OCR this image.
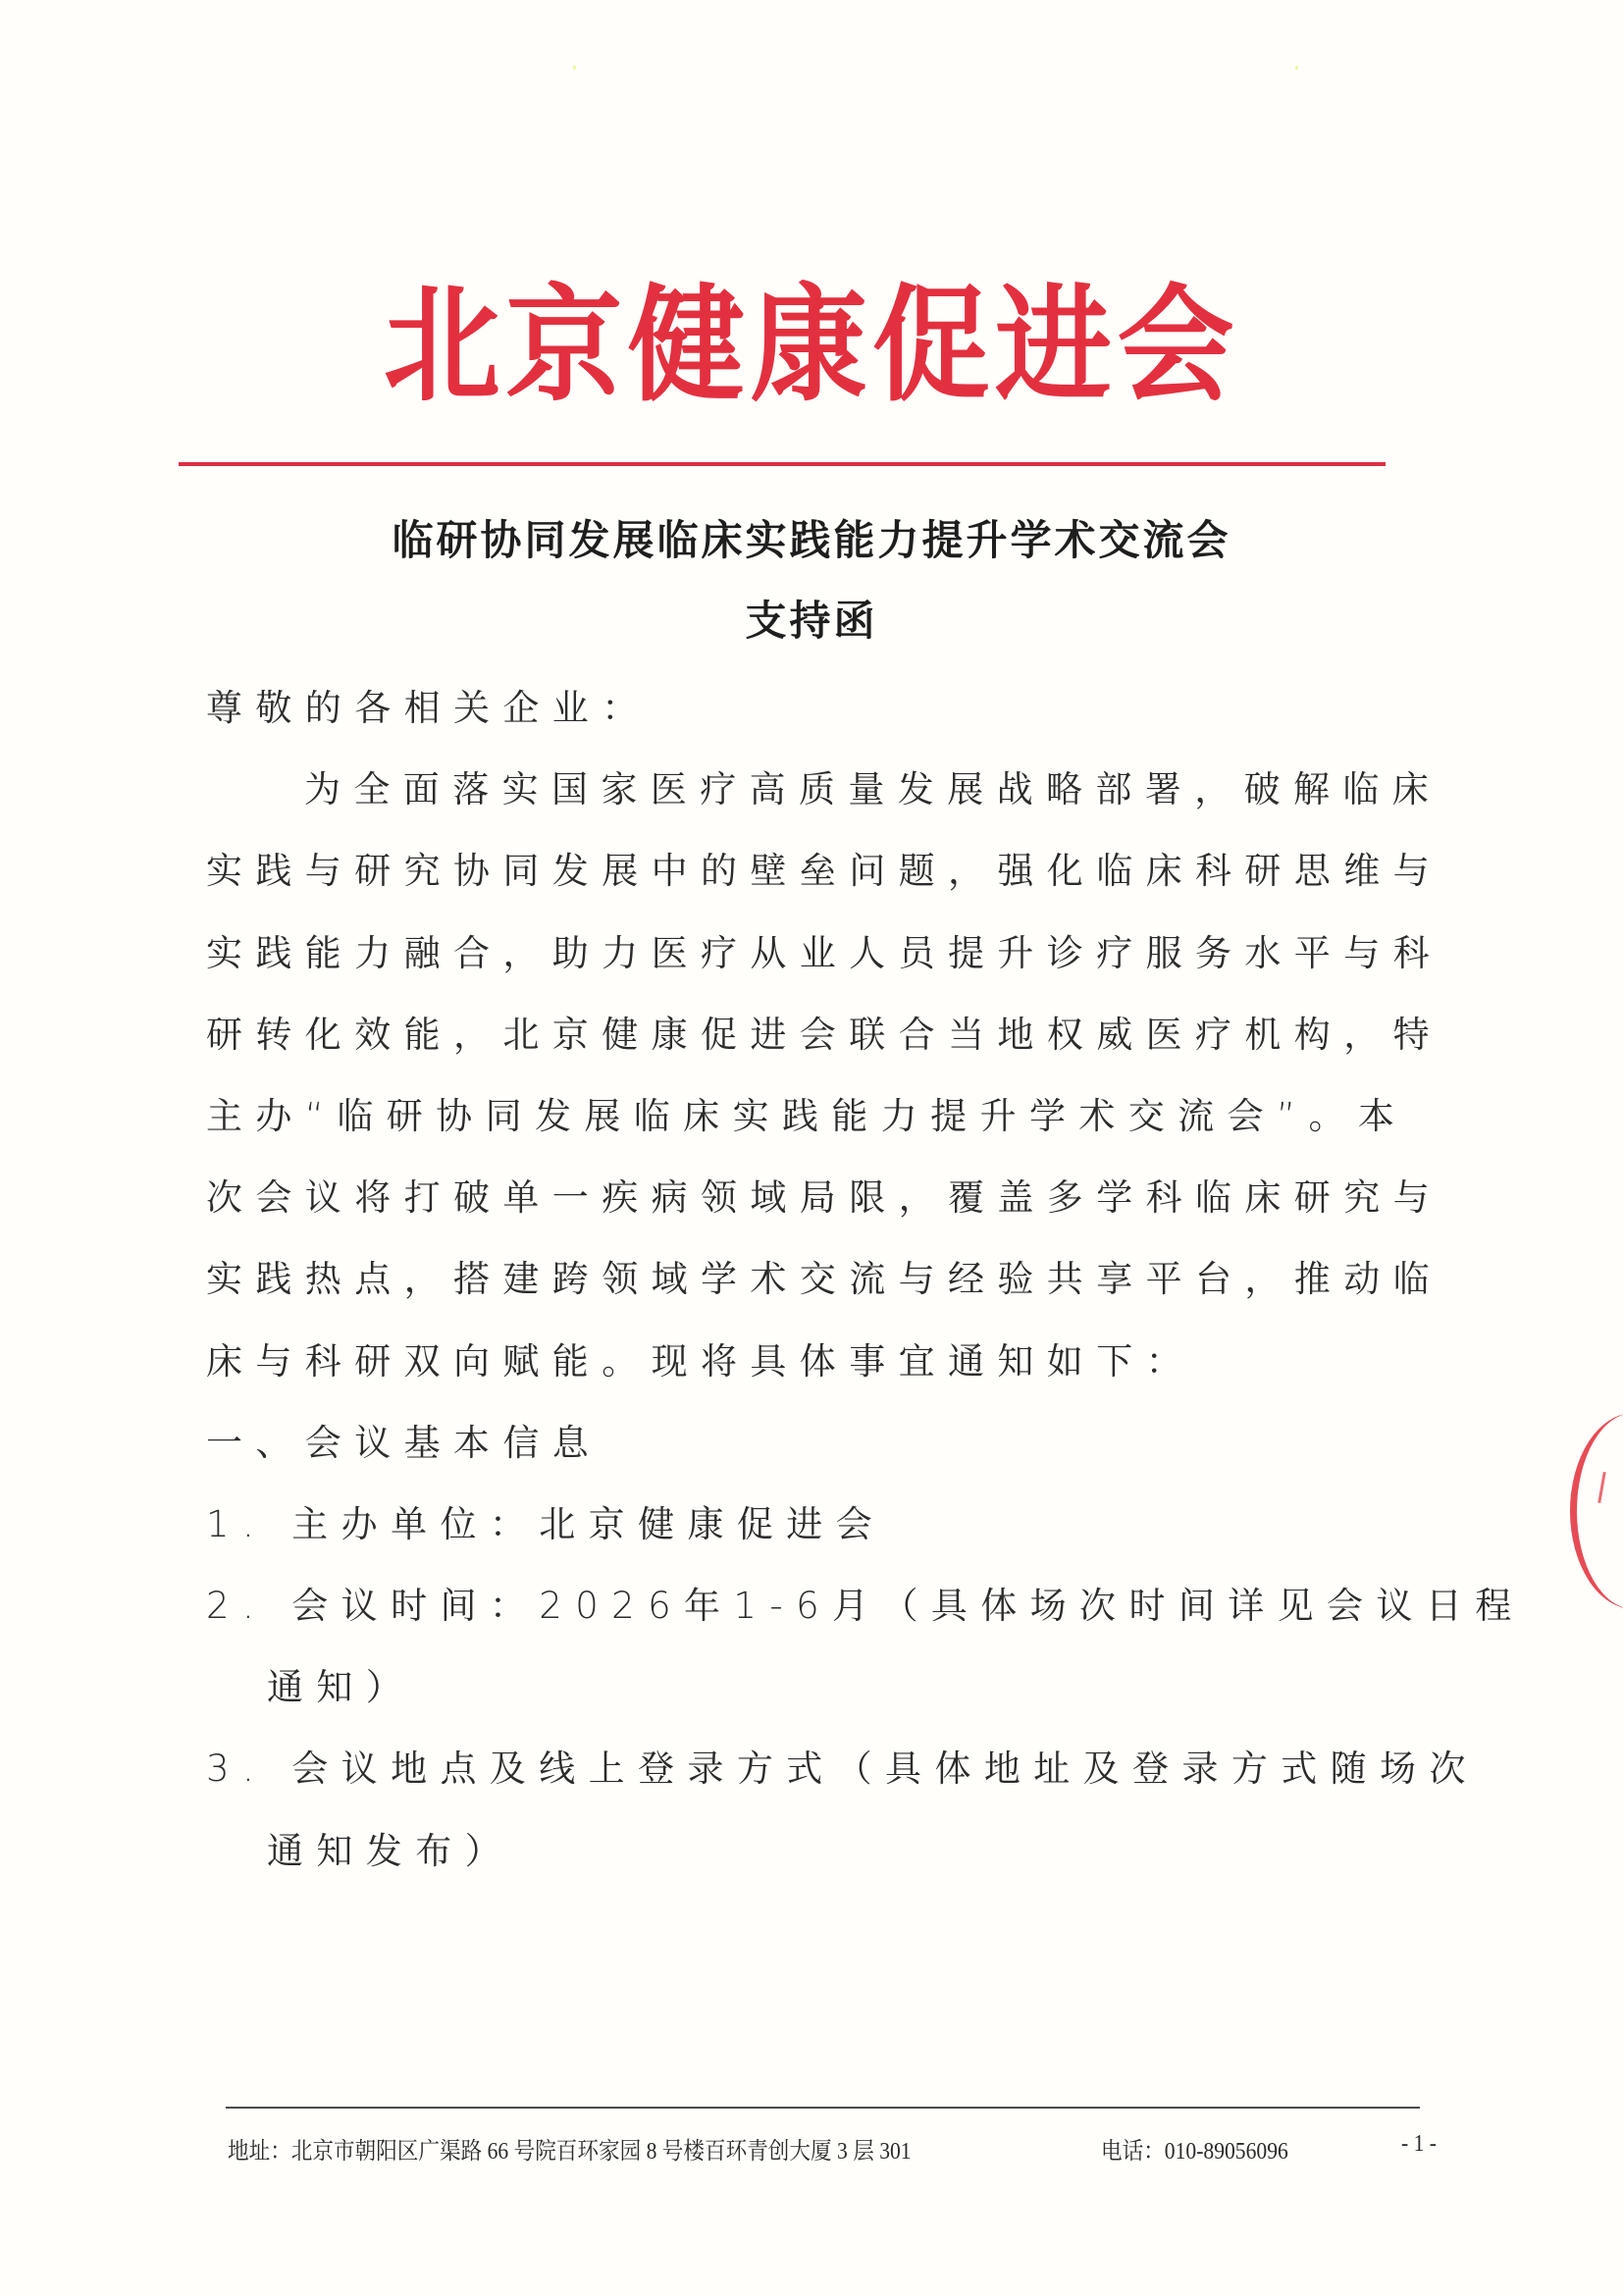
北京健康促进会
临研协同发展临床实践能力提升学术交流会
支持函
尊敬的各相关企业：
为全面落实国家医疗高质量发展战略部署，破解临床
实践与研究协同发展中的壁垒问题，强化临床科研思维与
实践能力融合，助力医疗从业人员提升诊疗服务水平与科
研转化效能，北京健康促进会联合当地权威医疗机构，特
主办“临研协同发展临床实践能力提升学术交流会”。本
次会议将打破单一疾病领域局限，覆盖多学科临床研究与
实践热点，搭建跨领域学术交流与经验共享平台，推动临
床与科研双向赋能。现将具体事宜通知如下：
一、会议基本信息
1. 主办单位：北京健康促进会
2. 会议时间：2026年1-6月（具体场次时间详见会议日程
通知）
3. 会议地点及线上登录方式（具体地址及登录方式随场次
通知发布）
地址：北京市朝阳区广渠路 66 号院百环家园 8 号楼百环青创大厦 3 层 301	电话：010-89056096	- 1 -
